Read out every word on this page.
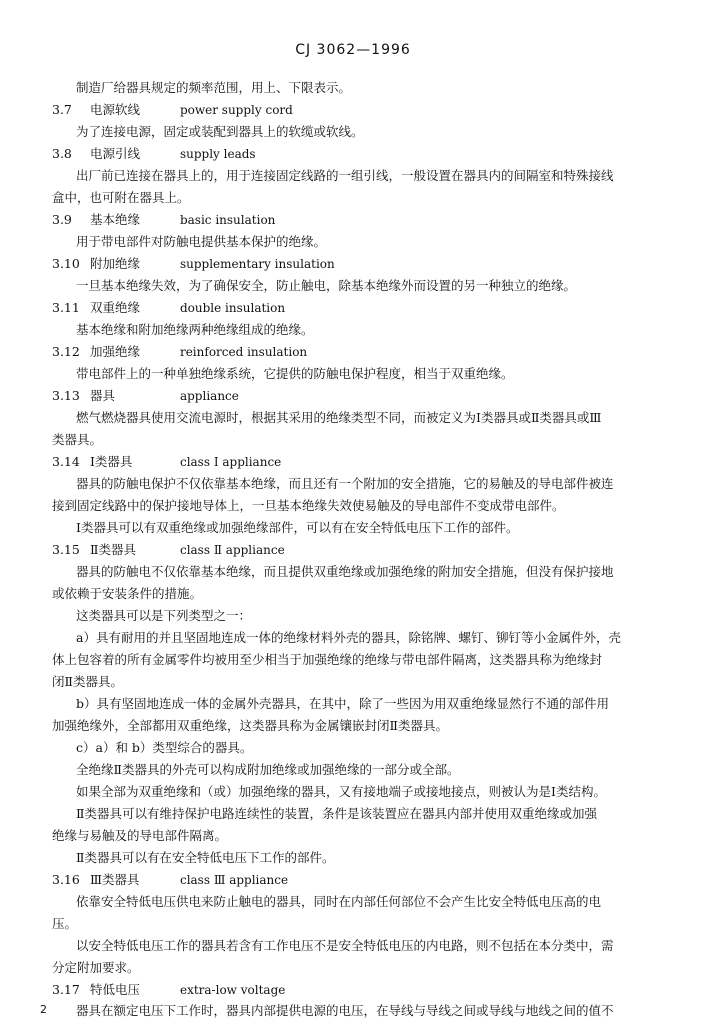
CJ 3062—1996
制造厂给器具规定的频率范围，用上、下限表示。
3.7 电源软线	power supply cord
为了连接电源，固定或装配到器具上的软缆或软线。
3.8 电源引线	supply leads
出厂前已连接在器具上的，用于连接固定线路的一组引线，一般设置在器具内的间隔室和特殊接线
盒中，也可附在器具上。
3.9 基本绝缘	basic insulation
用于带电部件对防触电提供基本保护的绝缘。
3.10 附加绝缘	supplementary insulation
一旦基本绝缘失效，为了确保安全，防止触电，除基本绝缘外而设置的另一种独立的绝缘。
3.11 双重绝缘	double insulation
基本绝缘和附加绝缘两种绝缘组成的绝缘。
3.12 加强绝缘	reinforced insulation
带电部件上的一种单独绝缘系统，它提供的防触电保护程度，相当于双重绝缘。
3.13 器具	appliance
燃气燃烧器具使用交流电源时，根据其采用的绝缘类型不同，而被定义为Ⅰ类器具或Ⅱ类器具或Ⅲ
类器具。
3.14 Ⅰ类器具	class Ⅰ appliance
器具的防触电保护不仅依靠基本绝缘，而且还有一个附加的安全措施，它的易触及的导电部件被连
接到固定线路中的保护接地导体上，一旦基本绝缘失效使易触及的导电部件不变成带电部件。
Ⅰ类器具可以有双重绝缘或加强绝缘部件，可以有在安全特低电压下工作的部件。
3.15 Ⅱ类器具	class Ⅱ appliance
器具的防触电不仅依靠基本绝缘，而且提供双重绝缘或加强绝缘的附加安全措施，但没有保护接地
或依赖于安装条件的措施。
这类器具可以是下列类型之一：
a）具有耐用的并且坚固地连成一体的绝缘材料外壳的器具，除铭牌、螺钉、铆钉等小金属件外，壳
体上包容着的所有金属零件均被用至少相当于加强绝缘的绝缘与带电部件隔离，这类器具称为绝缘封
闭Ⅱ类器具。
b）具有坚固地连成一体的金属外壳器具，在其中，除了一些因为用双重绝缘显然行不通的部件用
加强绝缘外，全部都用双重绝缘，这类器具称为金属镶嵌封闭Ⅱ类器具。
c）a）和 b）类型综合的器具。
全绝缘Ⅱ类器具的外壳可以构成附加绝缘或加强绝缘的一部分或全部。
如果全部为双重绝缘和（或）加强绝缘的器具，又有接地端子或接地接点，则被认为是Ⅰ类结构。
Ⅱ类器具可以有维持保护电路连续性的装置，条件是该装置应在器具内部并使用双重绝缘或加强
绝缘与易触及的导电部件隔离。
Ⅱ类器具可以有在安全特低电压下工作的部件。
3.16 Ⅲ类器具	class Ⅲ appliance
依靠安全特低电压供电来防止触电的器具，同时在内部任何部位不会产生比安全特低电压高的电
压。
以安全特低电压工作的器具若含有工作电压不是安全特低电压的内电路，则不包括在本分类中，需
分定附加要求。
3.17 特低电压	extra-low voltage
器具在额定电压下工作时，器具内部提供电源的电压，在导线与导线之间或导线与地线之间的值不
2
